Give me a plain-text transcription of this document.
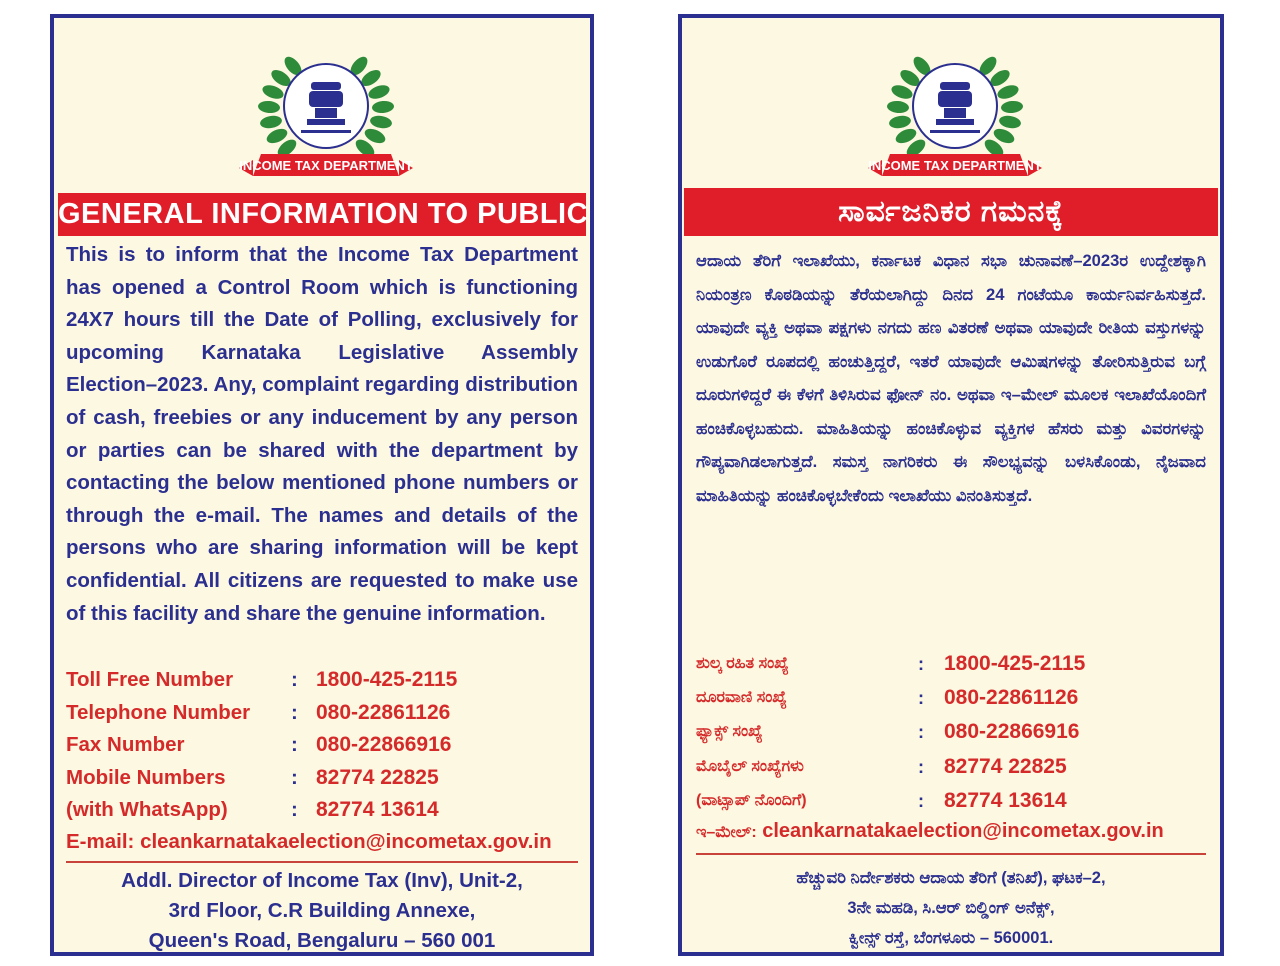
INCOME TAX DEPARTMENT
GENERAL INFORMATION TO PUBLIC
This is to inform that the Income Tax Department has opened a Control Room which is functioning 24X7 hours till the Date of Polling, exclusively for upcoming Karnataka Legislative Assembly Election–2023. Any, complaint regarding distribution of cash, freebies or any inducement by any person or parties can be shared with the department by contacting the below mentioned phone numbers or through the e-mail. The names and details of the persons who are sharing information will be kept confidential. All citizens are requested to make use of this facility and share the genuine information.
Toll Free Number	: 1800-425-2115
Telephone Number : 080-22861126
Fax Number	: 080-22866916
Mobile Numbers	: 82774 22825
(with WhatsApp)	: 82774 13614
E-mail: cleankarnatakaelection@incometax.gov.in
Addl. Director of Income Tax (Inv), Unit-2,
3rd Floor, C.R Building Annexe,
Queen's Road, Bengaluru – 560 001
INCOME TAX DEPARTMENT
ಸಾರ್ವಜನಿಕರ ಗಮನಕ್ಕೆ
ಆದಾಯ ತೆರಿಗೆ ಇಲಾಖೆಯು, ಕರ್ನಾಟಕ ವಿಧಾನ ಸಭಾ ಚುನಾವಣೆ–2023ರ ಉದ್ದೇಶಕ್ಕಾಗಿ ನಿಯಂತ್ರಣ ಕೊಠಡಿಯನ್ನು ತೆರೆಯಲಾಗಿದ್ದು ದಿನದ 24 ಗಂಟೆಯೂ ಕಾರ್ಯನಿರ್ವಹಿಸುತ್ತದೆ. ಯಾವುದೇ ವ್ಯಕ್ತಿ ಅಥವಾ ಪಕ್ಷಗಳು ನಗದು ಹಣ ವಿತರಣೆ ಅಥವಾ ಯಾವುದೇ ರೀತಿಯ ವಸ್ತುಗಳನ್ನು ಉಡುಗೊರೆ ರೂಪದಲ್ಲಿ ಹಂಚುತ್ತಿದ್ದರೆ, ಇತರೆ ಯಾವುದೇ ಆಮಿಷಗಳನ್ನು ತೋರಿಸುತ್ತಿರುವ ಬಗ್ಗೆ ದೂರುಗಳಿದ್ದರೆ ಈ ಕೆಳಗೆ ತಿಳಿಸಿರುವ ಫೋನ್ ನಂ. ಅಥವಾ ಇ–ಮೇಲ್ ಮೂಲಕ ಇಲಾಖೆಯೊಂದಿಗೆ ಹಂಚಿಕೊಳ್ಳಬಹುದು. ಮಾಹಿತಿಯನ್ನು ಹಂಚಿಕೊಳ್ಳುವ ವ್ಯಕ್ತಿಗಳ ಹೆಸರು ಮತ್ತು ವಿವರಗಳನ್ನು ಗೌಪ್ಯವಾಗಿಡಲಾಗುತ್ತದೆ. ಸಮಸ್ತ ನಾಗರಿಕರು ಈ ಸೌಲಭ್ಯವನ್ನು ಬಳಸಿಕೊಂಡು, ನೈಜವಾದ ಮಾಹಿತಿಯನ್ನು ಹಂಚಿಕೊಳ್ಳಬೇಕೆಂದು ಇಲಾಖೆಯು ವಿನಂತಿಸುತ್ತದೆ.
ಶುಲ್ಕ ರಹಿತ ಸಂಖ್ಯೆ	: 1800-425-2115
ದೂರವಾಣಿ ಸಂಖ್ಯೆ	: 080-22861126
ಫ್ಯಾಕ್ಸ್ ಸಂಖ್ಯೆ	: 080-22866916
ಮೊಬೈಲ್ ಸಂಖ್ಯೆಗಳು	: 82774 22825
(ವಾಟ್ಸಾಪ್ ನೊಂದಿಗೆ)	: 82774 13614
ಇ–ಮೇಲ್: cleankarnatakaelection@incometax.gov.in
ಹೆಚ್ಚುವರಿ ನಿರ್ದೇಶಕರು ಆದಾಯ ತೆರಿಗೆ (ತನಿಖೆ), ಘಟಕ–2,
3ನೇ ಮಹಡಿ, ಸಿ.ಆರ್ ಬಿಲ್ಡಿಂಗ್ ಅನೆಕ್ಸ್,
ಕ್ವೀನ್ಸ್ ರಸ್ತೆ, ಬೆಂಗಳೂರು – 560001.
